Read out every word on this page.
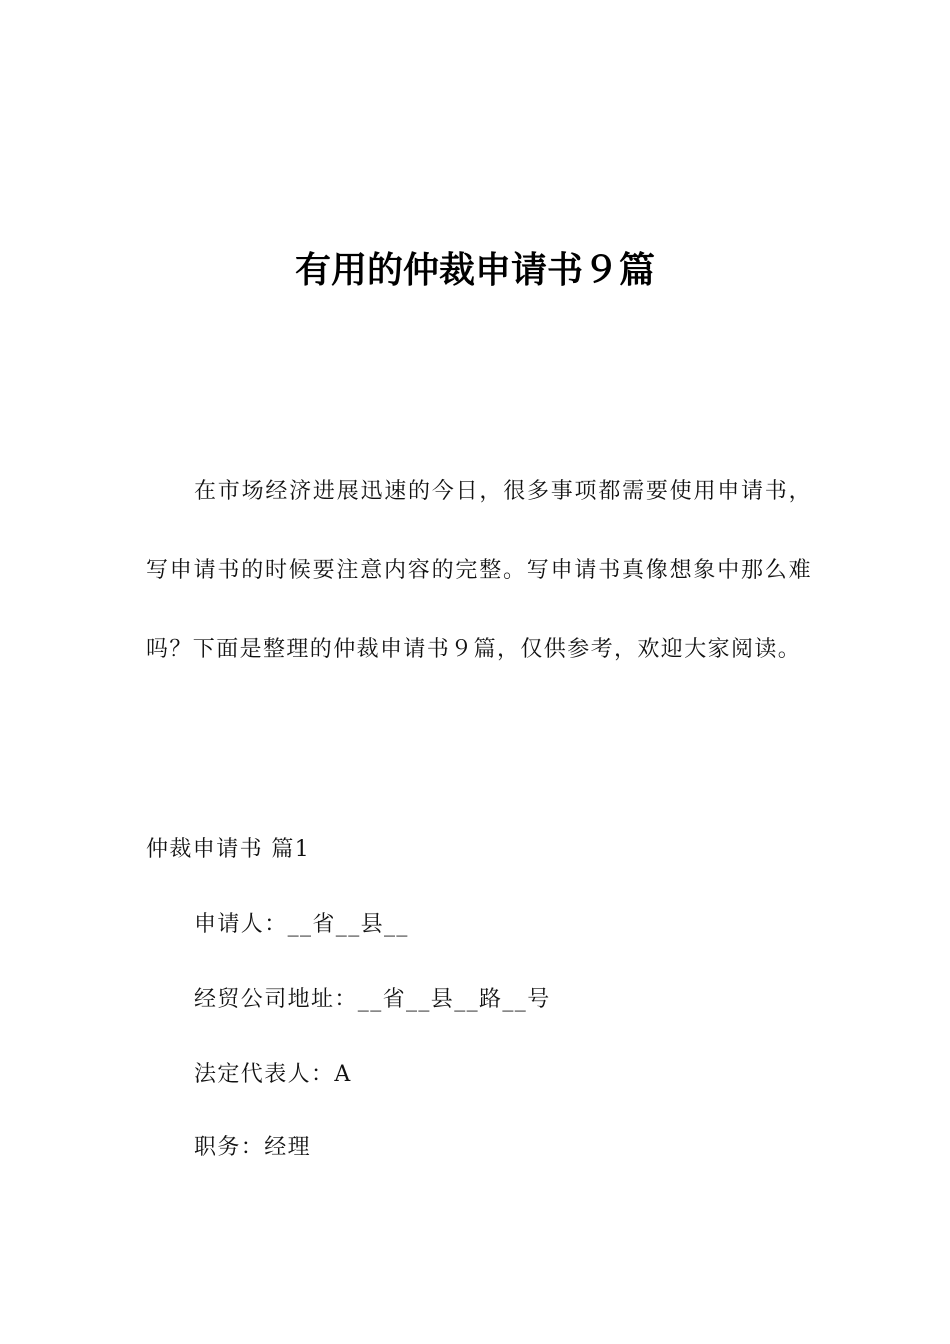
有用的仲裁申请书９篇

在市场经济进展迅速的今日，很多事项都需要使用申请书，写申请书的时候要注意内容的完整。写申请书真像想象中那么难吗？下面是整理的仲裁申请书９篇，仅供参考，欢迎大家阅读。

仲裁申请书 篇1

申请人：__省__县__

经贸公司地址：__省__县__路__号

法定代表人：A

职务：经理
